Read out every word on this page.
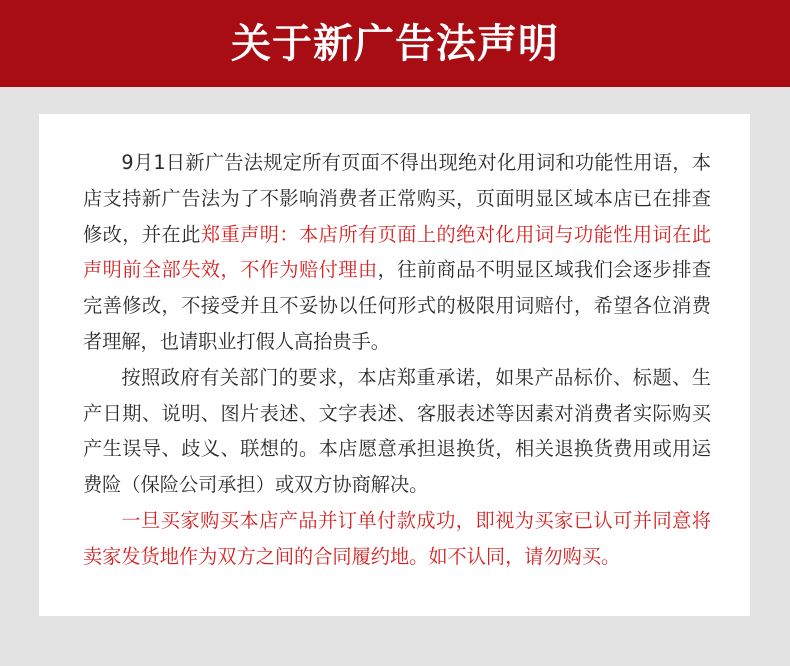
关于新广告法声明

9月1日新广告法规定所有页面不得出现绝对化用词和功能性用语，本店支持新广告法为了不影响消费者正常购买，页面明显区域本店已在排查修改，并在此郑重声明：本店所有页面上的绝对化用词与功能性用词在此声明前全部失效，不作为赔付理由，往前商品不明显区域我们会逐步排查完善修改，不接受并且不妥协以任何形式的极限用词赔付，希望各位消费者理解，也请职业打假人高抬贵手。

按照政府有关部门的要求，本店郑重承诺，如果产品标价、标题、生产日期、说明、图片表述、文字表述、客服表述等因素对消费者实际购买产生误导、歧义、联想的。本店愿意承担退换货，相关退换货费用或用运费险（保险公司承担）或双方协商解决。

一旦买家购买本店产品并订单付款成功，即视为买家已认可并同意将卖家发货地作为双方之间的合同履约地。如不认同，请勿购买。
